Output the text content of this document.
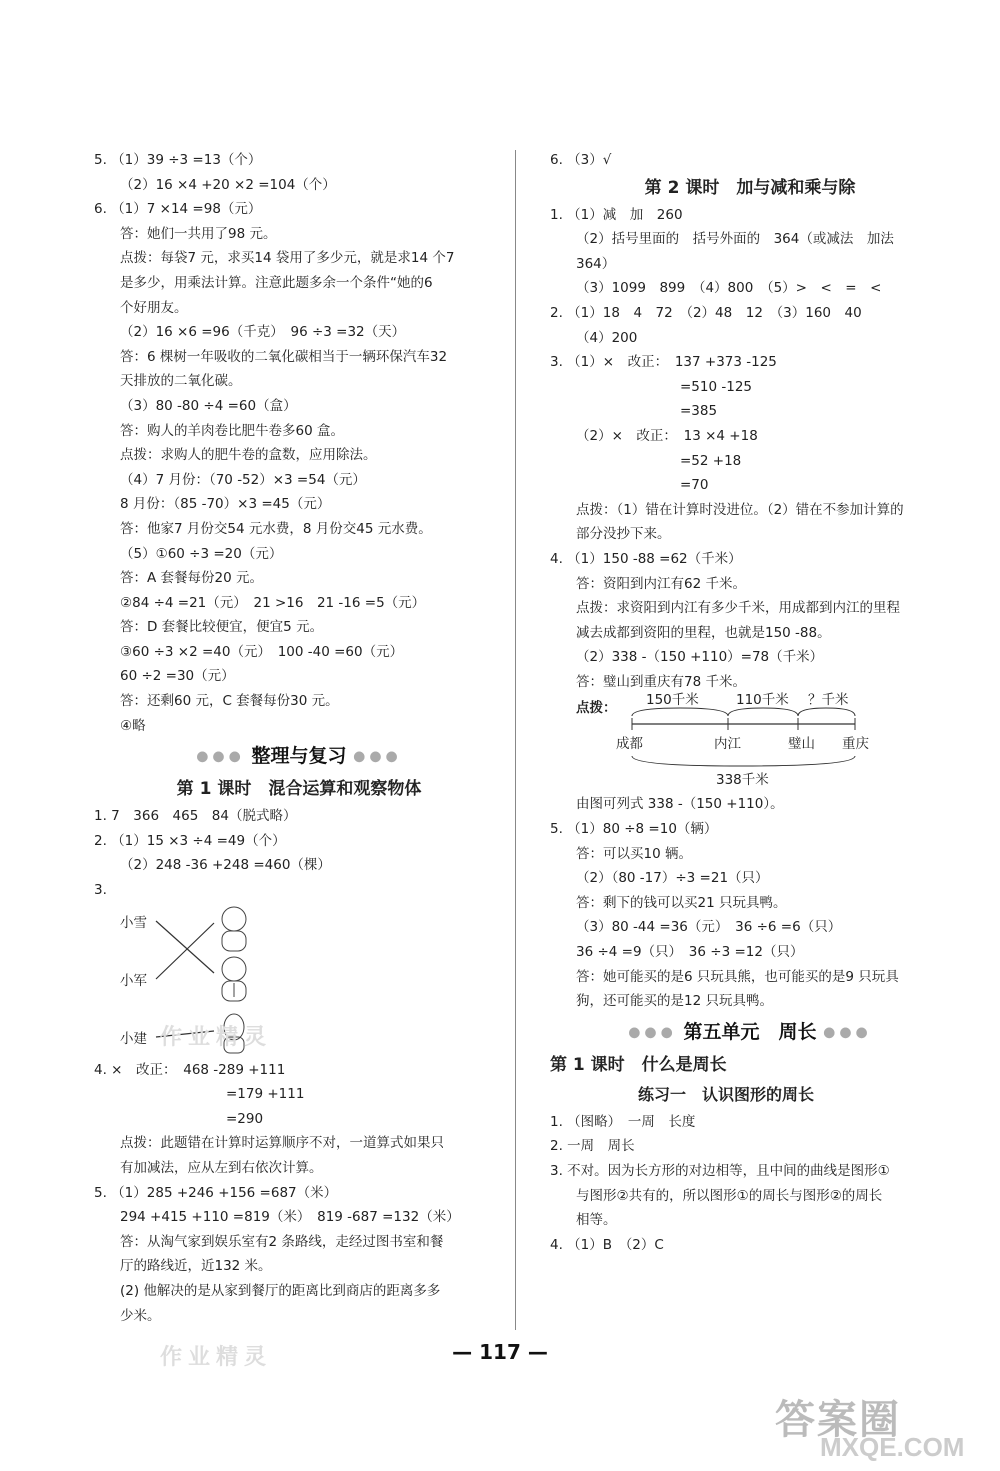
5. （1）39 ÷3 =13（个）
（2）16 ×4 +20 ×2 =104（个）
6. （1）7 ×14 =98（元）
答：她们一共用了98 元。
点拨：每袋7 元，求买14 袋用了多少元，就是求14 个7
是多少，用乘法计算。注意此题多余一个条件“她的6
个好朋友。
（2）16 ×6 =96（千克）　96 ÷3 =32（天）
答：6 棵树一年吸收的二氧化碳相当于一辆环保汽车32
天排放的二氧化碳。
（3）80 -80 ÷4 =60（盒）
答：购人的羊肉卷比肥牛卷多60 盒。
点拨：求购人的肥牛卷的盒数，应用除法。
（4）7 月份：（70 -52）×3 =54（元）
8 月份：（85 -70）×3 =45（元）
答：他家7 月份交54 元水费，8 月份交45 元水费。
（5）①60 ÷3 =20（元）
答：A 套餐每份20 元。
②84 ÷4 =21（元）　21 >16　21 -16 =5（元）
答：D 套餐比较便宜，便宜5 元。
③60 ÷3 ×2 =40（元）　100 -40 =60（元）
60 ÷2 =30（元）
答：还剩60 元，C 套餐每份30 元。
④略
●●● 整理与复习 ●●●
第 1 课时　混合运算和观察物体
1. 7　366　465　84（脱式略）
2. （1）15 ×3 ÷4 =49（个）
（2）248 -36 +248 =460（棵）
3.
小雪
小军
小建
4. ×　改正：　468 -289 +111
=179 +111
=290
点拨：此题错在计算时运算顺序不对，一道算式如果只
有加减法，应从左到右依次计算。
5. （1）285 +246 +156 =687（米）
294 +415 +110 =819（米）　819 -687 =132（米）
答：从淘气家到娱乐室有2 条路线，走经过图书室和餐
厅的路线近，近132 米。
(2) 他解决的是从家到餐厅的距离比到商店的距离多多
少米。
6. （3）√
第 2 课时　加与减和乘与除
1. （1）减　加　260
（2）括号里面的　括号外面的　364（或减法　加法
364）
（3）1099　899　（4）800　（5）>　<　=　<
2. （1）18　4　72　（2）48　12　（3）160　40
（4）200
3. （1）×　改正：　137 +373 -125
=510 -125
=385
（2）×　改正：　13 ×4 +18
=52 +18
=70
点拨：（1）错在计算时没进位。（2）错在不参加计算的
部分没抄下来。
4. （1）150 -88 =62（千米）
答：资阳到内江有62 千米。
点拨：求资阳到内江有多少千米，用成都到内江的里程
减去成都到资阳的里程，也就是150 -88。
（2）338 -（150 +110）=78（千米）
答：璧山到重庆有78 千米。
点拨： 150千米	110千米 ？千米
成都	内江	璧山 重庆
338千米
由图可列式 338 -（150 +110）。
5. （1）80 ÷8 =10（辆）
答：可以买10 辆。
（2）（80 -17）÷3 =21（只）
答：剩下的钱可以买21 只玩具鸭。
（3）80 -44 =36（元）　36 ÷6 =6（只）
36 ÷4 =9（只）　36 ÷3 =12（只）
答：她可能买的是6 只玩具熊，也可能买的是9 只玩具
狗，还可能买的是12 只玩具鸭。
●●● 第五单元　周长 ●●●
第 1 课时　什么是周长
练习一　认识图形的周长
1. （图略）　一周　长度
2. 一周　周长
3. 不对。因为长方形的对边相等，且中间的曲线是图形①
与图形②共有的，所以图形①的周长与图形②的周长
相等。
4. （1）B　（2）C
作业精灵
作业精灵	— 117 —
答案圈
MXQE.COM
